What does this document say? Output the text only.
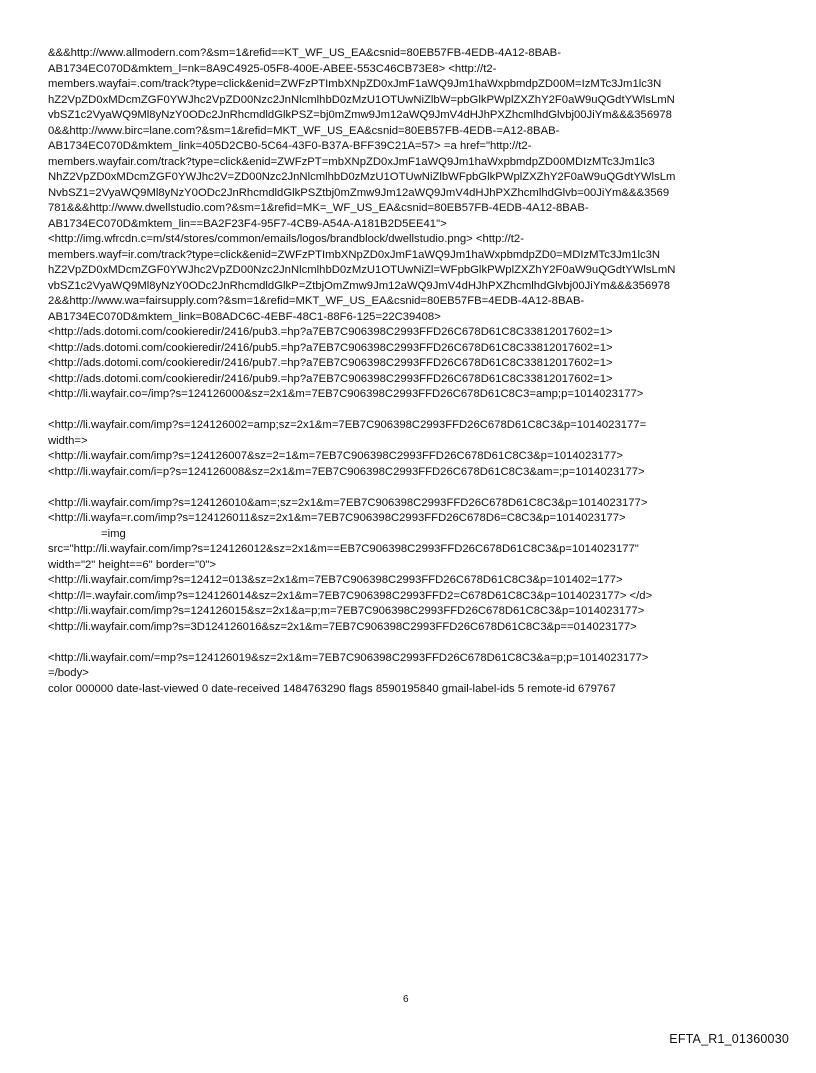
&&&http://www.allmodern.com?&sm=1&refid==KT_WF_US_EA&csnid=80EB57FB-4EDB-4A12-8BAB-
AB1734EC070D&mktem_l=nk=8A9C4925-05F8-400E-ABEE-553C46CB73E8> <http://t2-
members.wayfai=.com/track?type=click&enid=ZWFzPTImbXNpZD0xJmF1aWQ9Jm1haWxpbmdpZD00M=IzMTc3Jm1lc3N
hZ2VpZD0xMDcmZGF0YWJhc2VpZD00Nzc2JnNlcmlhbD0zMzU1OTUwNiZlbW=pbGlkPWplZXZhY2F0aW9uQGdtYWlsLmN
vbSZ1c2VyaWQ9Ml8yNzY0ODc2JnRhcmdldGlkPSZ=bj0mZmw9Jm12aWQ9JmV4dHJhPXZhcmlhdGlvbj00JiYm&&&356978
0&&http://www.birc=lane.com?&sm=1&refid=MKT_WF_US_EA&csnid=80EB57FB-4EDB-=A12-8BAB-
AB1734EC070D&mktem_link=405D2CB0-5C64-43F0-B37A-BFF39C21A=57> =a href="http://t2-
members.wayfair.com/track?type=click&enid=ZWFzPT=mbXNpZD0xJmF1aWQ9Jm1haWxpbmdpZD00MDIzMTc3Jm1lc3
NhZ2VpZD0xMDcmZGF0YWJhc2V=ZD00Nzc2JnNlcmlhbD0zMzU1OTUwNiZlbWFpbGlkPWplZXZhY2F0aW9uQGdtYWlsLm
NvbSZ1=2VyaWQ9Ml8yNzY0ODc2JnRhcmdldGlkPSZtbj0mZmw9Jm12aWQ9JmV4dHJhPXZhcmlhdGlvb=00JiYm&&&3569
781&&&http://www.dwellstudio.com?&sm=1&refid=MK=_WF_US_EA&csnid=80EB57FB-4EDB-4A12-8BAB-
AB1734EC070D&mktem_lin==BA2F23F4-95F7-4CB9-A54A-A181B2D5EE41">
<http://img.wfrcdn.c=m/st4/stores/common/emails/logos/brandblock/dwellstudio.png> <http://t2-
members.wayf=ir.com/track?type=click&enid=ZWFzPTImbXNpZD0xJmF1aWQ9Jm1haWxpbmdpZD0=MDIzMTc3Jm1lc3N
hZ2VpZD0xMDcmZGF0YWJhc2VpZD00Nzc2JnNlcmlhbD0zMzU1OTUwNiZl=WFpbGlkPWplZXZhY2F0aW9uQGdtYWlsLmN
vbSZ1c2VyaWQ9Ml8yNzY0ODc2JnRhcmdldGlkP=ZtbjOmZmw9Jm12aWQ9JmV4dHJhPXZhcmlhdGlvbj00JiYm&&&356978
2&&http://www.wa=fairsupply.com?&sm=1&refid=MKT_WF_US_EA&csnid=80EB57FB=4EDB-4A12-8BAB-
AB1734EC070D&mktem_link=B08ADC6C-4EBF-48C1-88F6-125=22C39408>
<http://ads.dotomi.com/cookieredir/2416/pub3.=hp?a7EB7C906398C2993FFD26C678D61C8C33812017602=1>
<http://ads.dotomi.com/cookieredir/2416/pub5.=hp?a7EB7C906398C2993FFD26C678D61C8C33812017602=1>
<http://ads.dotomi.com/cookieredir/2416/pub7.=hp?a7EB7C906398C2993FFD26C678D61C8C33812017602=1>
<http://ads.dotomi.com/cookieredir/2416/pub9.=hp?a7EB7C906398C2993FFD26C678D61C8C33812017602=1>
<http://li.wayfair.co=/imp?s=124126000&sz=2x1&m=7EB7C906398C2993FFD26C678D61C8C3=amp;p=1014023177>
<http://li.wayfair.com/imp?s=124126002=amp;sz=2x1&m=7EB7C906398C2993FFD26C678D61C8C3&p=1014023177=
width=>
<http://li.wayfair.com/imp?s=124126007&sz=2=1&m=7EB7C906398C2993FFD26C678D61C8C3&p=1014023177>
<http://li.wayfair.com/i=p?s=124126008&sz=2x1&m=7EB7C906398C2993FFD26C678D61C8C3&am=;p=1014023177>
<http://li.wayfair.com/imp?s=124126010&am=;sz=2x1&m=7EB7C906398C2993FFD26C678D61C8C3&p=1014023177>
<http://li.wayfa=r.com/imp?s=124126011&sz=2x1&m=7EB7C906398C2993FFD26C678D6=C8C3&p=1014023177>
=img
src="http://li.wayfair.com/imp?s=124126012&sz=2x1&m==EB7C906398C2993FFD26C678D61C8C3&p=1014023177"
width="2" height==6" border="0">
<http://li.wayfair.com/imp?s=12412=013&sz=2x1&m=7EB7C906398C2993FFD26C678D61C8C3&p=101402=177>
<http://l=.wayfair.com/imp?s=124126014&sz=2x1&m=7EB7C906398C2993FFD2=C678D61C8C3&p=1014023177> </d>
<http://li.wayfair.com/imp?s=124126015&sz=2x1&a=p;m=7EB7C906398C2993FFD26C678D61C8C3&p=1014023177>
<http://li.wayfair.com/imp?s=3D124126016&sz=2x1&m=7EB7C906398C2993FFD26C678D61C8C3&p==014023177>
<http://li.wayfair.com/=mp?s=124126019&sz=2x1&m=7EB7C906398C2993FFD26C678D61C8C3&a=p;p=1014023177>
=/body>
color 000000 date-last-viewed 0 date-received 1484763290 flags 8590195840 gmail-label-ids 5 remote-id 679767
6
EFTA_R1_01360030
